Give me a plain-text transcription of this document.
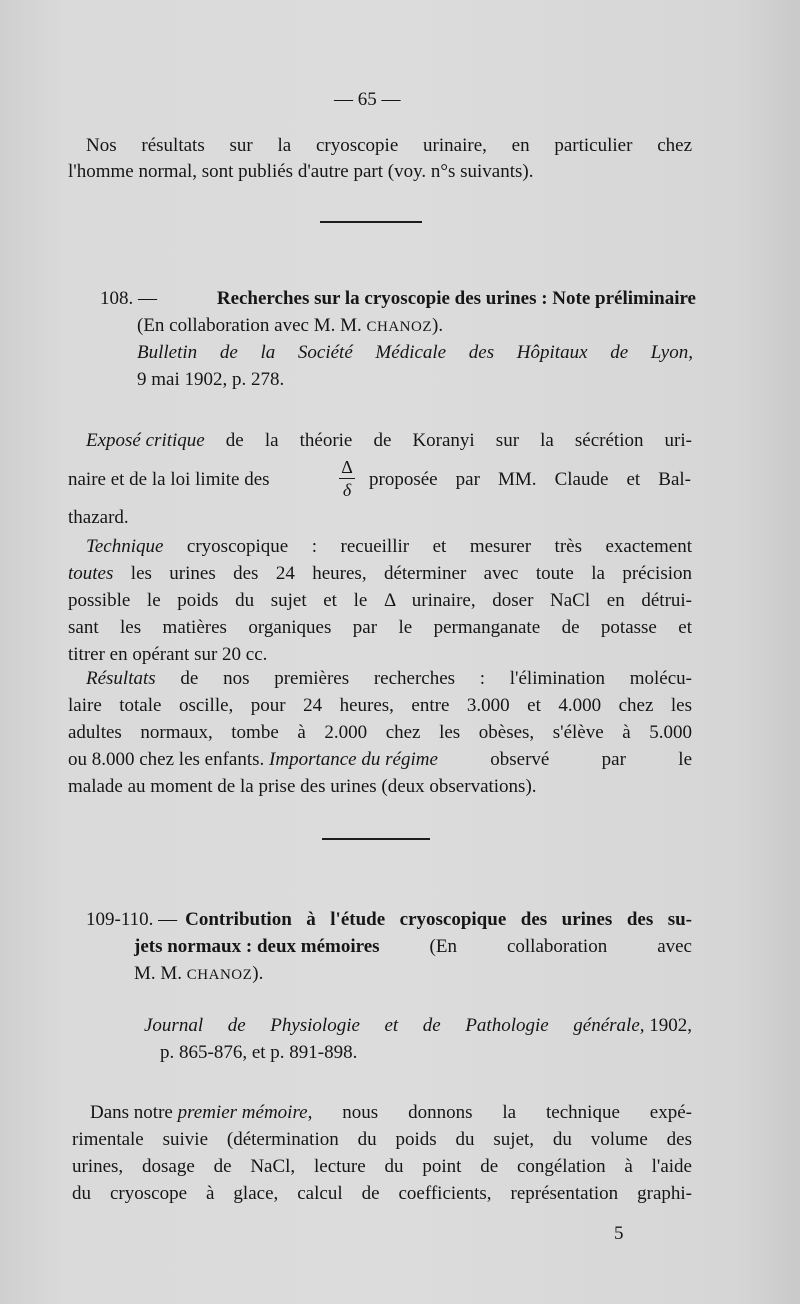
— 65 —
Nos résultats sur la cryoscopie urinaire, en particulier chez
l'homme normal, sont publiés d'autre part (voy. n°s suivants).
108. —	Recherches sur la cryoscopie des urines : Note préliminaire
(En collaboration avec M. M. CHANOZ).
Bulletin de la Société Médicale des Hôpitaux de Lyon,
9 mai 1902, p. 278.
Exposé critique de la théorie de Koranyi sur la sécrétion uri-
naire et de la loi limite des
Δ
δ proposée par MM. Claude et Bal-
thazard.
Technique cryoscopique : recueillir et mesurer très exactement
toutes les urines des 24 heures, déterminer avec toute la précision
possible le poids du sujet et le Δ urinaire, doser NaCl en détrui-
sant les matières organiques par le permanganate de potasse et
titrer en opérant sur 20 cc.
Résultats de nos premières recherches : l'élimination molécu-
laire totale oscille, pour 24 heures, entre 3.000 et 4.000 chez les
adultes normaux, tombe à 2.000 chez les obèses, s'élève à 5.000
ou 8.000 chez les enfants. Importance du régime observé par le
malade au moment de la prise des urines (deux observations).
109-110. — Contribution à l'étude cryoscopique des urines des su-
jets normaux : deux mémoires (En collaboration avec
M. M. CHANOZ).
Journal de Physiologie et de Pathologie générale, 1902,
p. 865-876, et p. 891-898.
Dans notre premier mémoire , nous donnons la technique expé-
rimentale suivie (détermination du poids du sujet, du volume des
urines, dosage de NaCl, lecture du point de congélation à l'aide
du cryoscope à glace, calcul de coefficients, représentation graphi-
5
